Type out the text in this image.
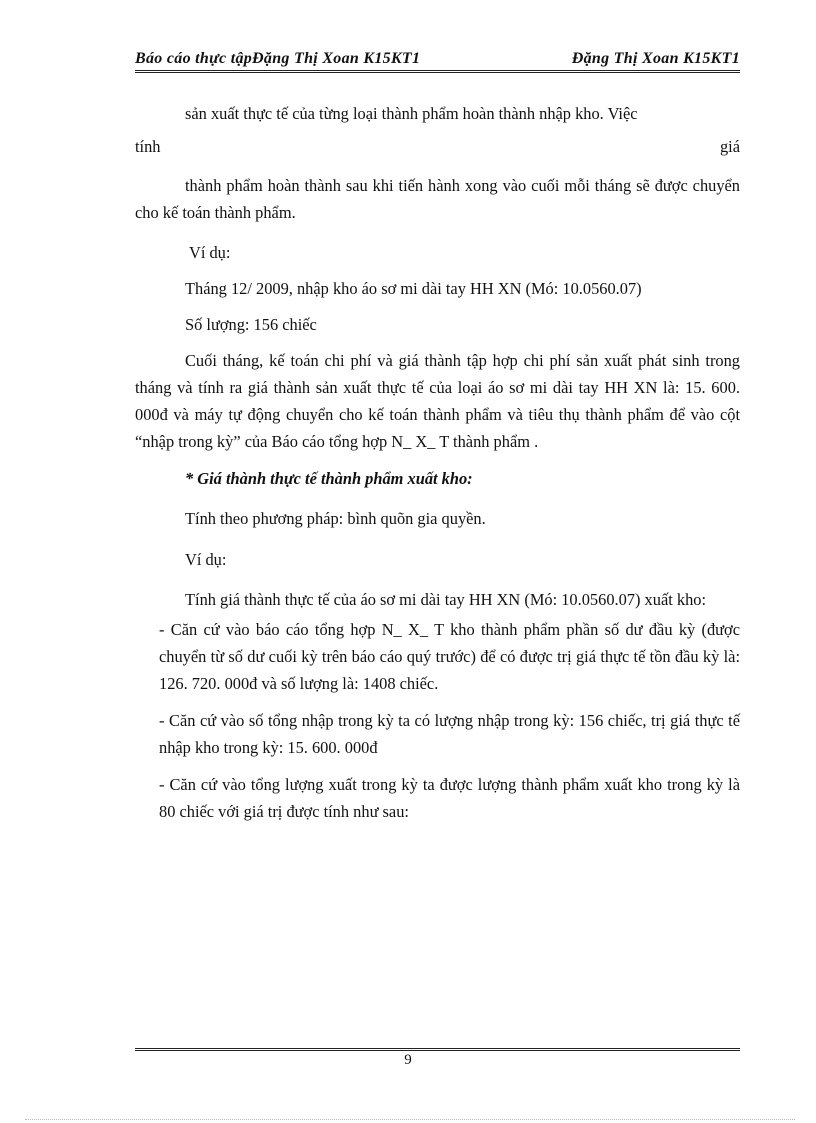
Báo cáo thực tậpĐặng Thị Xoan K15KT1	Đặng Thị Xoan K15KT1

sản xuất thực tế của từng loại thành phẩm hoàn thành nhập kho. Việc

tính	giá

thành phẩm hoàn thành sau khi tiến hành xong vào cuối mỗi tháng sẽ được chuyển cho kế toán thành phẩm.

Ví dụ:

Tháng 12/ 2009, nhập kho áo sơ mi dài tay HH XN (Mó: 10.0560.07)

Số lượng: 156 chiếc

Cuối tháng, kế toán chi phí và giá thành tập hợp chi phí sản xuất phát sinh trong tháng và tính ra giá thành sản xuất thực tế của loại áo sơ mi dài tay HH XN là: 15. 600. 000đ và máy tự động chuyển cho kế toán thành phẩm và tiêu thụ thành phẩm để vào cột “nhập trong kỳ” của Báo cáo tổng hợp N_ X_ T thành phẩm .

* Giá thành thực tế thành phẩm xuất kho:

Tính theo phương pháp: bình quõn gia quyền.

Ví dụ:

Tính giá thành thực tế của áo sơ mi dài tay HH XN (Mó: 10.0560.07) xuất kho:

- Căn cứ vào báo cáo tổng hợp N_ X_ T kho thành phẩm phần số dư đầu kỳ (được chuyển từ số dư cuối kỳ trên báo cáo quý trước) để có được trị giá thực tế tồn đầu kỳ là: 126. 720. 000đ và số lượng là: 1408 chiếc.

- Căn cứ vào số tổng nhập trong kỳ ta có lượng nhập trong kỳ: 156 chiếc, trị giá thực tế nhập kho trong kỳ: 15. 600. 000đ

- Căn cứ vào tổng lượng xuất trong kỳ ta được lượng thành phẩm xuất kho trong kỳ là 80 chiếc với giá trị được tính như sau:

9
